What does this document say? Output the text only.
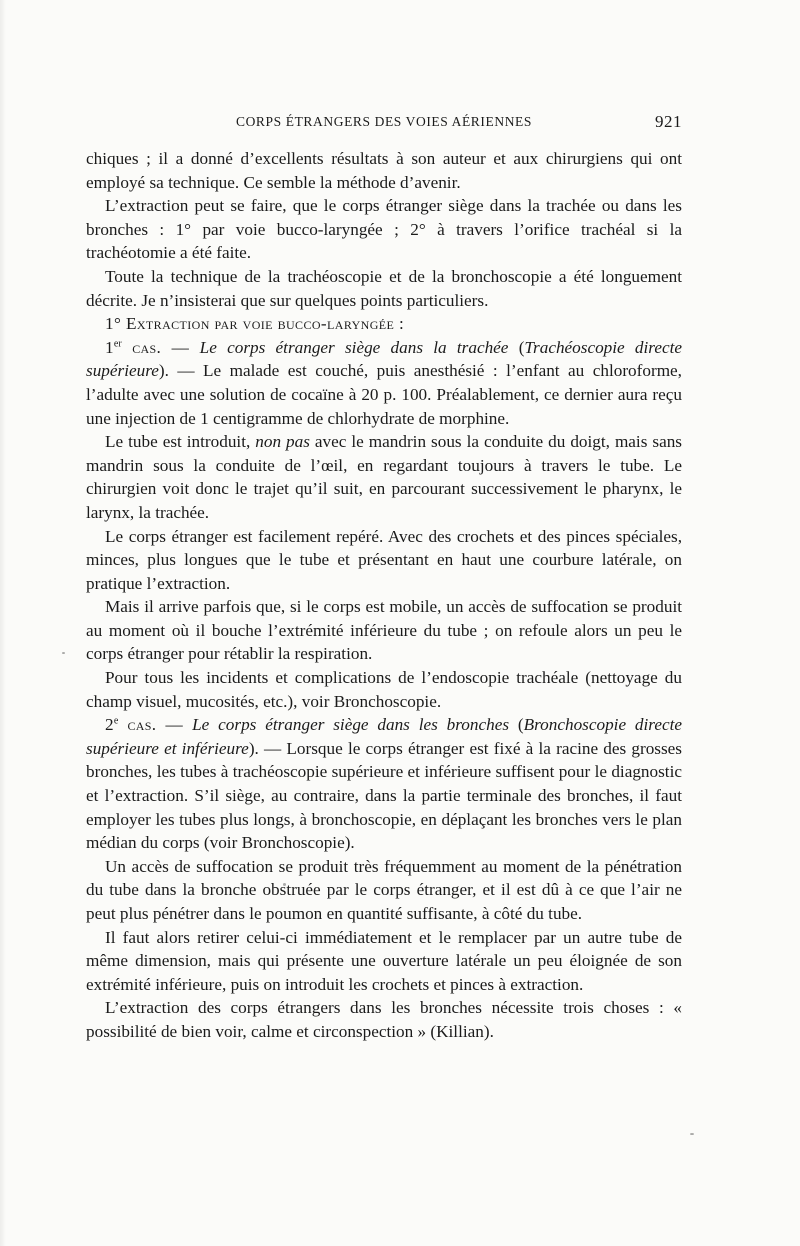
CORPS ÉTRANGERS DES VOIES AÉRIENNES	921

chiques ; il a donné d’excellents résultats à son auteur et aux chirurgiens qui ont employé sa technique. Ce semble la méthode d’avenir.

L’extraction peut se faire, que le corps étranger siège dans la trachée ou dans les bronches : 1° par voie bucco-laryngée ; 2° à travers l’orifice trachéal si la trachéotomie a été faite.

Toute la technique de la trachéoscopie et de la bronchoscopie a été longuement décrite. Je n’insisterai que sur quelques points particuliers.

1° Extraction par voie bucco-laryngée :

1er cas. — Le corps étranger siège dans la trachée (Trachéoscopie directe supérieure). — Le malade est couché, puis anesthésié : l’enfant au chloroforme, l’adulte avec une solution de cocaïne à 20 p. 100. Préalablement, ce dernier aura reçu une injection de 1 centigramme de chlorhydrate de morphine.

Le tube est introduit, non pas avec le mandrin sous la conduite du doigt, mais sans mandrin sous la conduite de l’œil, en regardant toujours à travers le tube. Le chirurgien voit donc le trajet qu’il suit, en parcourant successivement le pharynx, le larynx, la trachée.

Le corps étranger est facilement repéré. Avec des crochets et des pinces spéciales, minces, plus longues que le tube et présentant en haut une courbure latérale, on pratique l’extraction.

Mais il arrive parfois que, si le corps est mobile, un accès de suffocation se produit au moment où il bouche l’extrémité inférieure du tube ; on refoule alors un peu le corps étranger pour rétablir la respiration.

Pour tous les incidents et complications de l’endoscopie trachéale (nettoyage du champ visuel, mucosités, etc.), voir Bronchoscopie.

2e cas. — Le corps étranger siège dans les bronches (Bronchoscopie directe supérieure et inférieure). — Lorsque le corps étranger est fixé à la racine des grosses bronches, les tubes à trachéoscopie supérieure et inférieure suffisent pour le diagnostic et l’extraction. S’il siège, au contraire, dans la partie terminale des bronches, il faut employer les tubes plus longs, à bronchoscopie, en déplaçant les bronches vers le plan médian du corps (voir Bronchoscopie).

Un accès de suffocation se produit très fréquemment au moment de la pénétration du tube dans la bronche obstruée par le corps étranger, et il est dû à ce que l’air ne peut plus pénétrer dans le poumon en quantité suffisante, à côté du tube.

Il faut alors retirer celui-ci immédiatement et le remplacer par un autre tube de même dimension, mais qui présente une ouverture latérale un peu éloignée de son extrémité inférieure, puis on introduit les crochets et pinces à extraction.

L’extraction des corps étrangers dans les bronches nécessite trois choses : « possibilité de bien voir, calme et circonspection » (Killian).
